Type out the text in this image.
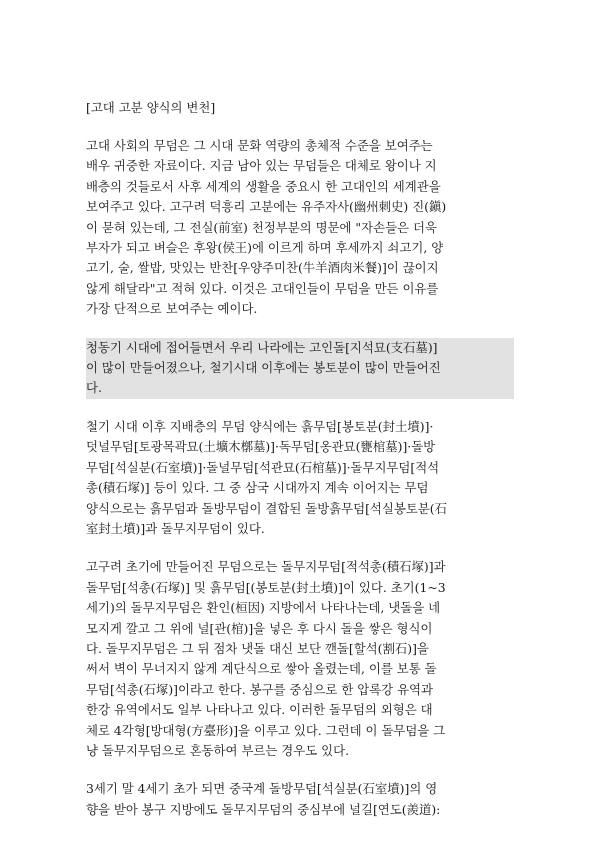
[고대 고분 양식의 변천]
고대 사회의 무덤은 그 시대 문화 역량의 총체적 수준을 보여주는
배우 귀중한 자료이다. 지금 남아 있는 무덤들은 대체로 왕이나 지
배층의 것들로서 사후 세계의 생활을 중요시 한 고대인의 세계관을
보여주고 있다. 고구려 덕흥리 고분에는 유주자사(幽州刺史) 진(鎭)
이 묻혀 있는데, 그 전실(前室) 천정부분의 명문에 "자손들은 더욱
부자가 되고 벼슬은 후왕(侯王)에 이르게 하며 후세까지 쇠고기, 양
고기, 술, 쌀밥, 맛있는 반찬[우양주미찬(牛羊酒肉米餐)]이 끊이지
않게 해달라"고 적혀 있다. 이것은 고대인들이 무덤을 만든 이유를
가장 단적으로 보여주는 예이다.
청동기 시대에 접어들면서 우리 나라에는 고인돌[지석묘(支石墓)]
이 많이 만들어졌으나, 철기시대 이후에는 봉토분이 많이 만들어진
다.
철기 시대 이후 지배층의 무덤 양식에는 흙무덤[봉토분(封土墳)]·
덧널무덤[토광목곽묘(土壙木槨墓)]·독무덤[옹관묘(甕棺墓)]·돌방
무덤[석실분(石室墳)]·돌널무덤[석관묘(石棺墓)]·돌무지무덤[적석
총(積石塚)] 등이 있다. 그 중 삼국 시대까지 계속 이어지는 무덤
양식으로는 흙무덤과 돌방무덤이 결합된 돌방흙무덤[석실봉토분(石
室封土墳)]과 돌무지무덤이 있다.
고구려 초기에 만들어진 무덤으로는 돌무지무덤[적석총(積石塚)]과
돌무덤[석총(石塚)] 및 흙무덤[(봉토분(封土墳)]이 있다. 초기(1~3
세기)의 돌무지무덤은 환인(桓因) 지방에서 나타나는데, 냇돌을 네
모지게 깔고 그 위에 널[관(棺)]을 넣은 후 다시 돌을 쌓은 형식이
다. 돌무지무덤은 그 뒤 점차 냇돌 대신 보단 깬돌[할석(割石)]을
써서 벽이 무너지지 않게 계단식으로 쌓아 올렸는데, 이를 보통 돌
무덤[석총(石塚)]이라고 한다. 봉구를 중심으로 한 압록강 유역과
한강 유역에서도 일부 나타나고 있다. 이러한 돌무덤의 외형은 대
체로 4각형[방대형(方臺形)]을 이루고 있다. 그런데 이 돌무덤을 그
냥 돌무지무덤으로 혼동하여 부르는 경우도 있다.
3세기 말 4세기 초가 되면 중국계 돌방무덤[석실분(石室墳)]의 영
향을 받아 봉구 지방에도 돌무지무덤의 중심부에 널길[연도(羨道):
